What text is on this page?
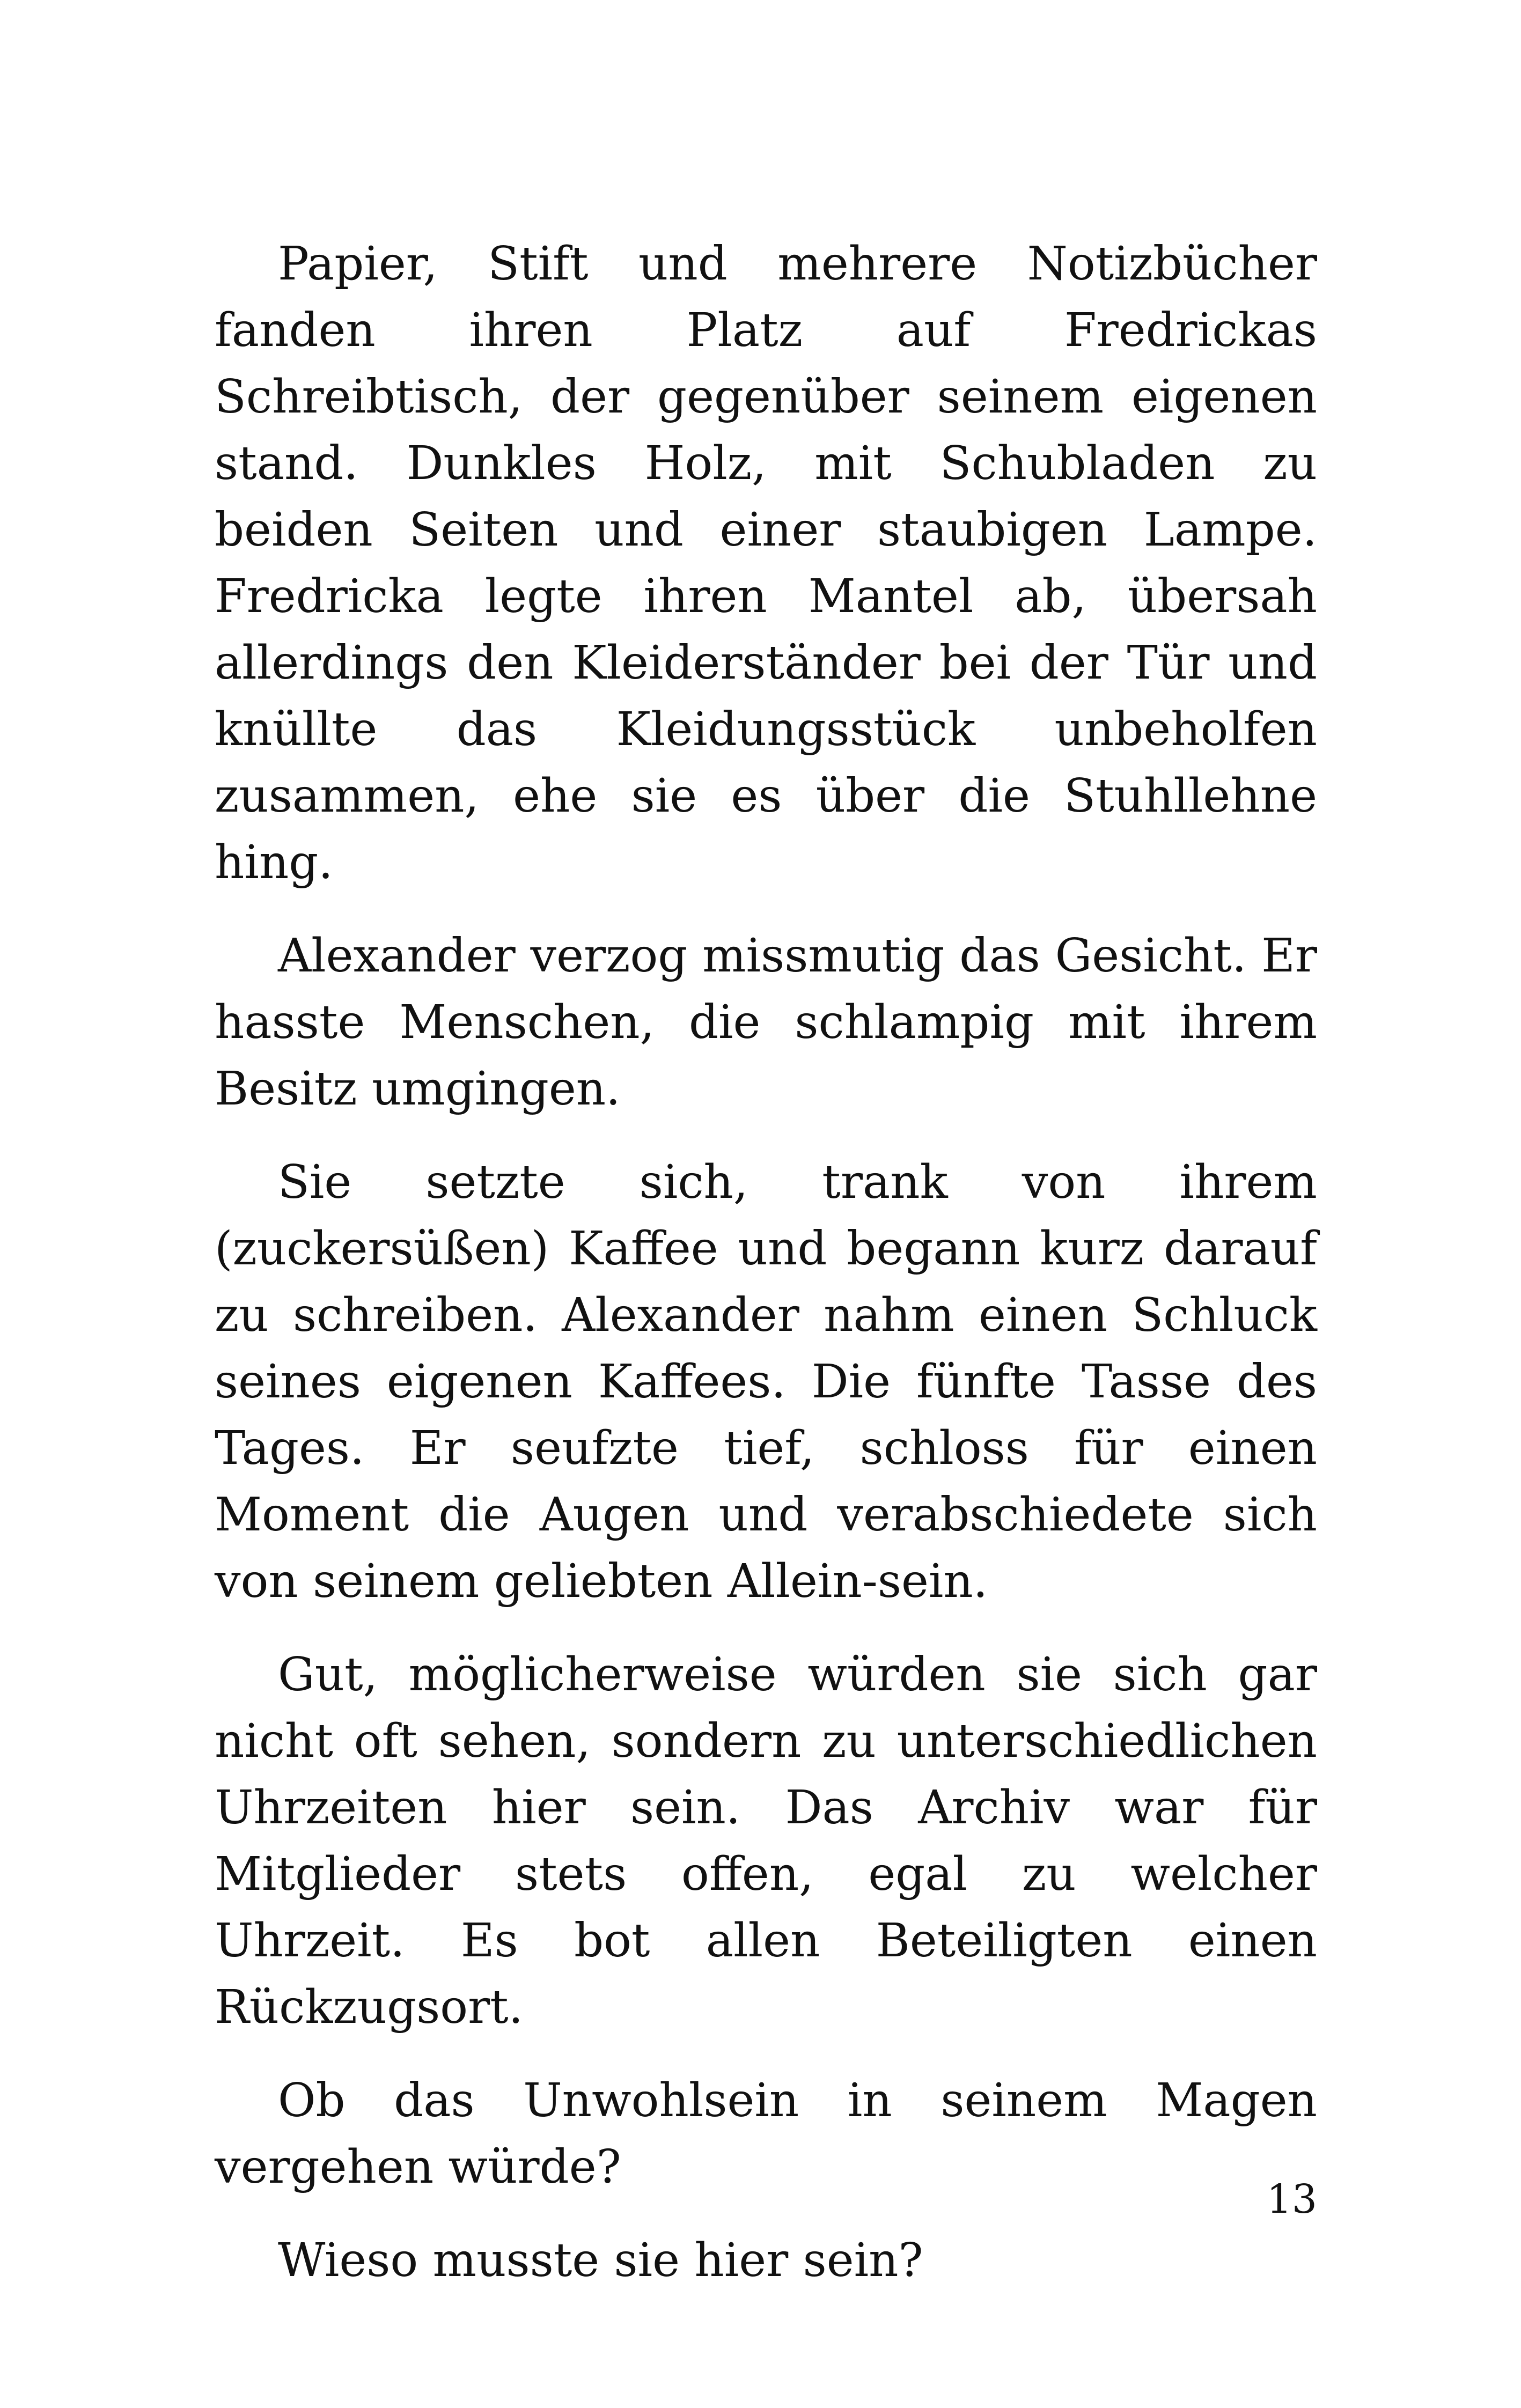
Papier, Stift und mehrere Notizbücher fanden ihren Platz auf Fredrickas Schreibtisch, der gegenüber seinem eigenen stand. Dunkles Holz, mit Schubladen zu beiden Seiten und einer staubigen Lampe. Fredricka legte ihren Mantel ab, übersah allerdings den Kleiderständer bei der Tür und knüllte das Kleidungsstück unbeholfen zusammen, ehe sie es über die Stuhllehne hing.

Alexander verzog missmutig das Gesicht. Er hasste Menschen, die schlampig mit ihrem Besitz umgingen.

Sie setzte sich, trank von ihrem (zuckersüßen) Kaffee und begann kurz darauf zu schreiben. Alexander nahm einen Schluck seines eigenen Kaffees. Die fünfte Tasse des Tages. Er seufzte tief, schloss für einen Moment die Augen und verabschiedete sich von seinem geliebten Allein-sein.

Gut, möglicherweise würden sie sich gar nicht oft sehen, sondern zu unterschiedlichen Uhrzeiten hier sein. Das Archiv war für Mitglieder stets offen, egal zu welcher Uhrzeit. Es bot allen Beteiligten einen Rückzugsort.

Ob das Unwohlsein in seinem Magen vergehen würde?

Wieso musste sie hier sein?

13
